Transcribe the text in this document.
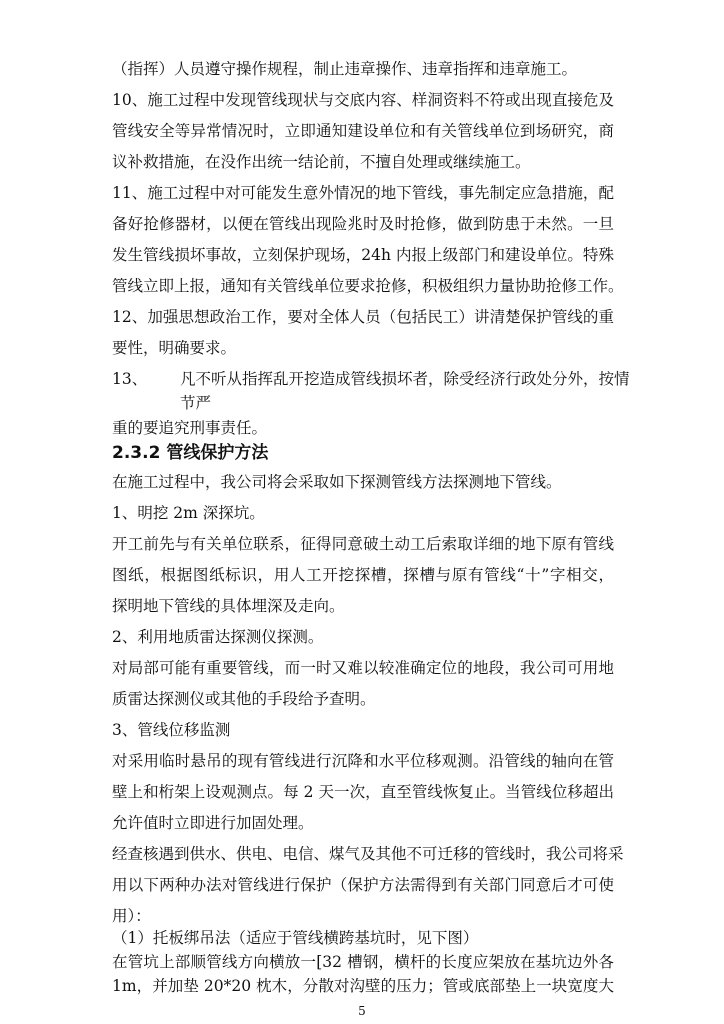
（指挥）人员遵守操作规程，制止违章操作、违章指挥和违章施工。
10、施工过程中发现管线现状与交底内容、样洞资料不符或出现直接危及
管线安全等异常情况时，立即通知建设单位和有关管线单位到场研究，商
议补救措施，在没作出统一结论前，不擅自处理或继续施工。
11、施工过程中对可能发生意外情况的地下管线，事先制定应急措施，配
备好抢修器材，以便在管线出现险兆时及时抢修，做到防患于未然。一旦
发生管线损坏事故，立刻保护现场，24h 内报上级部门和建设单位。特殊
管线立即上报，通知有关管线单位要求抢修，积极组织力量协助抢修工作。
12、加强思想政治工作，要对全体人员（包括民工）讲清楚保护管线的重
要性，明确要求。
13、	凡不听从指挥乱开挖造成管线损坏者，除受经济行政处分外，按情
节严
重的要追究刑事责任。
2.3.2 管线保护方法
在施工过程中，我公司将会采取如下探测管线方法探测地下管线。
1、明挖 2m 深探坑。
开工前先与有关单位联系，征得同意破土动工后索取详细的地下原有管线
图纸，根据图纸标识，用人工开挖探槽，探槽与原有管线“十”字相交，
探明地下管线的具体埋深及走向。
2、利用地质雷达探测仪探测。
对局部可能有重要管线，而一时又难以较准确定位的地段，我公司可用地
质雷达探测仪或其他的手段给予查明。
3、管线位移监测
对采用临时悬吊的现有管线进行沉降和水平位移观测。沿管线的轴向在管
壁上和桁架上设观测点。每 2 天一次，直至管线恢复止。当管线位移超出
允许值时立即进行加固处理。
经查核遇到供水、供电、电信、煤气及其他不可迁移的管线时，我公司将采
用以下两种办法对管线进行保护（保护方法需得到有关部门同意后才可使
用）：
（1）托板绑吊法（适应于管线横跨基坑时，见下图）
在管坑上部顺管线方向横放一[32 槽钢，横杆的长度应架放在基坑边外各
1m，并加垫 20*20 枕木，分散对沟壁的压力；管或底部垫上一块宽度大
5
